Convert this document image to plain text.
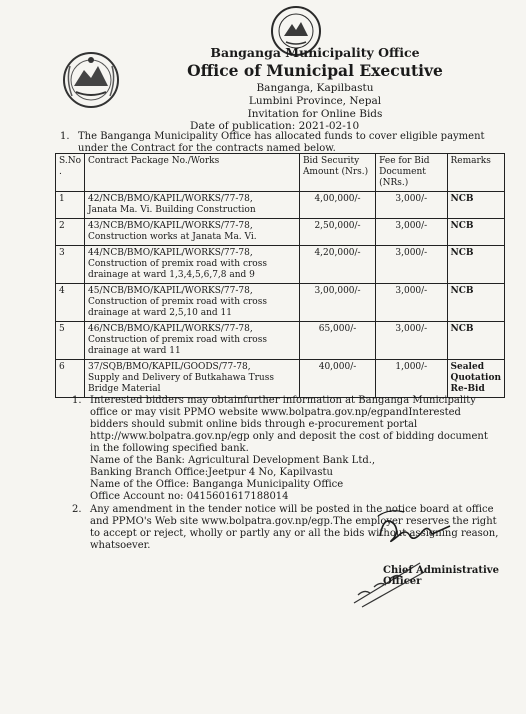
Banganga Municipality Office
Office of Municipal Executive
Banganga, Kapilbastu
Lumbini Province, Nepal
Invitation for Online Bids
Date of publication: 2021-02-10
1. The Banganga Municipality Office has allocated funds to cover eligible payment under the Contract for the contracts named below.
S.No .	Contract Package No./Works	Bid Security Amount (Nrs.)	Fee for Bid Document (NRs.)	Remarks
1	42/NCB/BMO/KAPIL/WORKS/77-78,
Janata Ma. Vi. Building Construction	4,00,000/-	3,000/-	NCB
2	43/NCB/BMO/KAPIL/WORKS/77-78,
Construction works at Janata Ma. Vi.	2,50,000/-	3,000/-	NCB
3	44/NCB/BMO/KAPIL/WORKS/77-78,
Construction of premix road with cross drainage at ward 1,3,4,5,6,7,8 and 9	4,20,000/-	3,000/-	NCB
4	45/NCB/BMO/KAPIL/WORKS/77-78,
Construction of premix road with cross drainage at ward 2,5,10 and 11	3,00,000/-	3,000/-	NCB
5	46/NCB/BMO/KAPIL/WORKS/77-78,
Construction of premix road with cross drainage at ward 11	65,000/-	3,000/-	NCB
6	37/SQB/BMO/KAPIL/GOODS/77-78,
Supply and Delivery of Butkahawa Truss Bridge Material	40,000/-	1,000/-	Sealed Quotation Re-Bid
1. Interested bidders may obtainfurther information at Banganga Municipality office or may visit PPMO website www.bolpatra.gov.np/egpandInterested bidders should submit online bids through e-procurement portal http://www.bolpatra.gov.np/egp only and deposit the cost of bidding document in the following specified bank.
Name of the Bank: Agricultural Development Bank Ltd.,
Banking Branch Office:Jeetpur 4 No, Kapilvastu
Name of the Office: Banganga Municipality Office
Office Account no: 0415601617188014
2. Any amendment in the tender notice will be posted in the notice board at office and PPMO's Web site www.bolpatra.gov.np/egp.The employer reserves the right to accept or reject, wholly or partly any or all the bids without assigning reason, whatsoever.
Chief Administrative Officer
